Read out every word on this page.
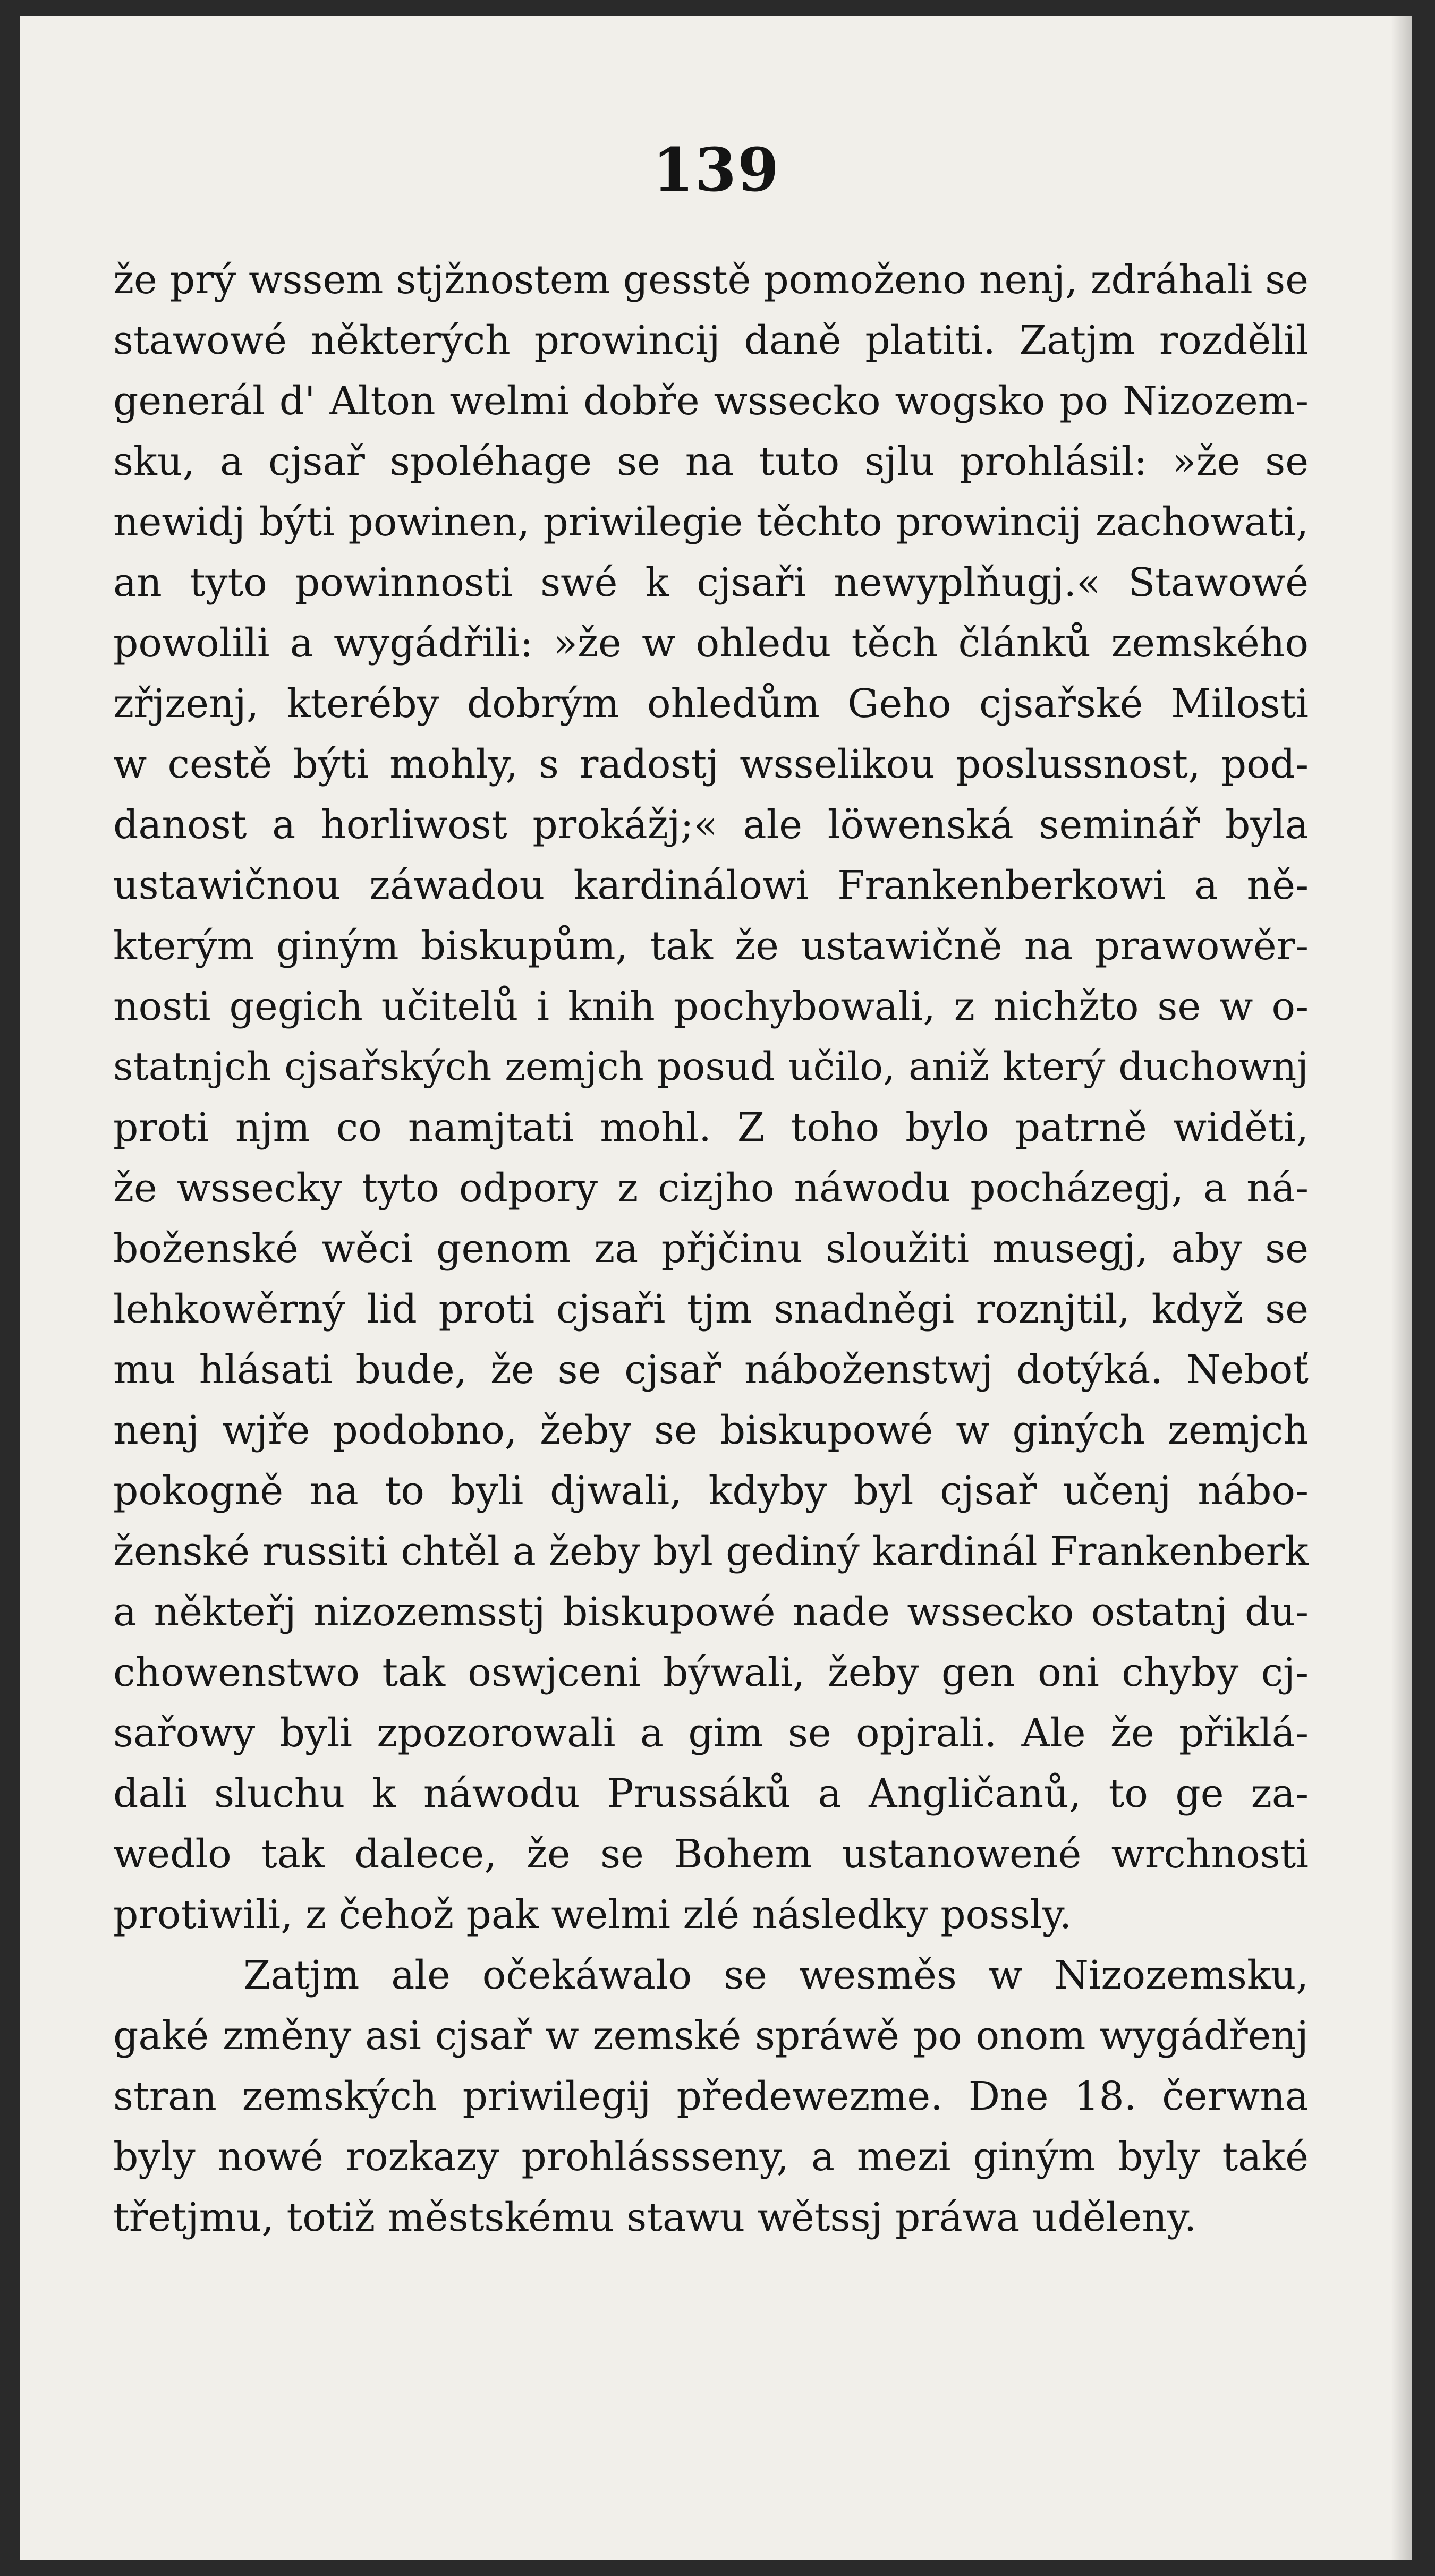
139
že prý wssem stjžnostem gesstě pomoženo nenj, zdráhali se
stawowé některých prowincij daně platiti. Zatjm rozdělil
generál d' Alton welmi dobře wssecko wogsko po Nizozem-
sku, a cjsař spoléhage se na tuto sjlu prohlásil: »že se
newidj býti powinen, priwilegie těchto prowincij zachowati,
an tyto powinnosti swé k cjsaři newyplňugj.« Stawowé
powolili a wygádřili: »že w ohledu těch článků zemského
zřjzenj, kteréby dobrým ohledům Geho cjsařské Milosti
w cestě býti mohly, s radostj wsselikou poslussnost, pod-
danost a horliwost prokážj;« ale löwenská seminář byla
ustawičnou záwadou kardinálowi Frankenberkowi a ně-
kterým giným biskupům, tak že ustawičně na prawowěr-
nosti gegich učitelů i knih pochybowali, z nichžto se w o-
statnjch cjsařských zemjch posud učilo, aniž který duchownj
proti njm co namjtati mohl. Z toho bylo patrně widěti,
že wssecky tyto odpory z cizjho náwodu pocházegj, a ná-
boženské wěci genom za přjčinu sloužiti musegj, aby se
lehkowěrný lid proti cjsaři tjm snadněgi roznjtil, když se
mu hlásati bude, že se cjsař náboženstwj dotýká. Neboť
nenj wjře podobno, žeby se biskupowé w giných zemjch
pokogně na to byli djwali, kdyby byl cjsař učenj nábo-
ženské russiti chtěl a žeby byl gediný kardinál Frankenberk
a někteřj nizozemsstj biskupowé nade wssecko ostatnj du-
chowenstwo tak oswjceni býwali, žeby gen oni chyby cj-
sařowy byli zpozorowali a gim se opjrali. Ale že přiklá-
dali sluchu k náwodu Prussáků a Angličanů, to ge za-
wedlo tak dalece, že se Bohem ustanowené wrchnosti
protiwili, z čehož pak welmi zlé následky possly.
Zatjm ale očekáwalo se wesměs w Nizozemsku,
gaké změny asi cjsař w zemské spráwě po onom wygádřenj
stran zemských priwilegij předewezme. Dne 18. čerwna
byly nowé rozkazy prohlássseny, a mezi giným byly také
třetjmu, totiž městskému stawu wětssj práwa uděleny.
